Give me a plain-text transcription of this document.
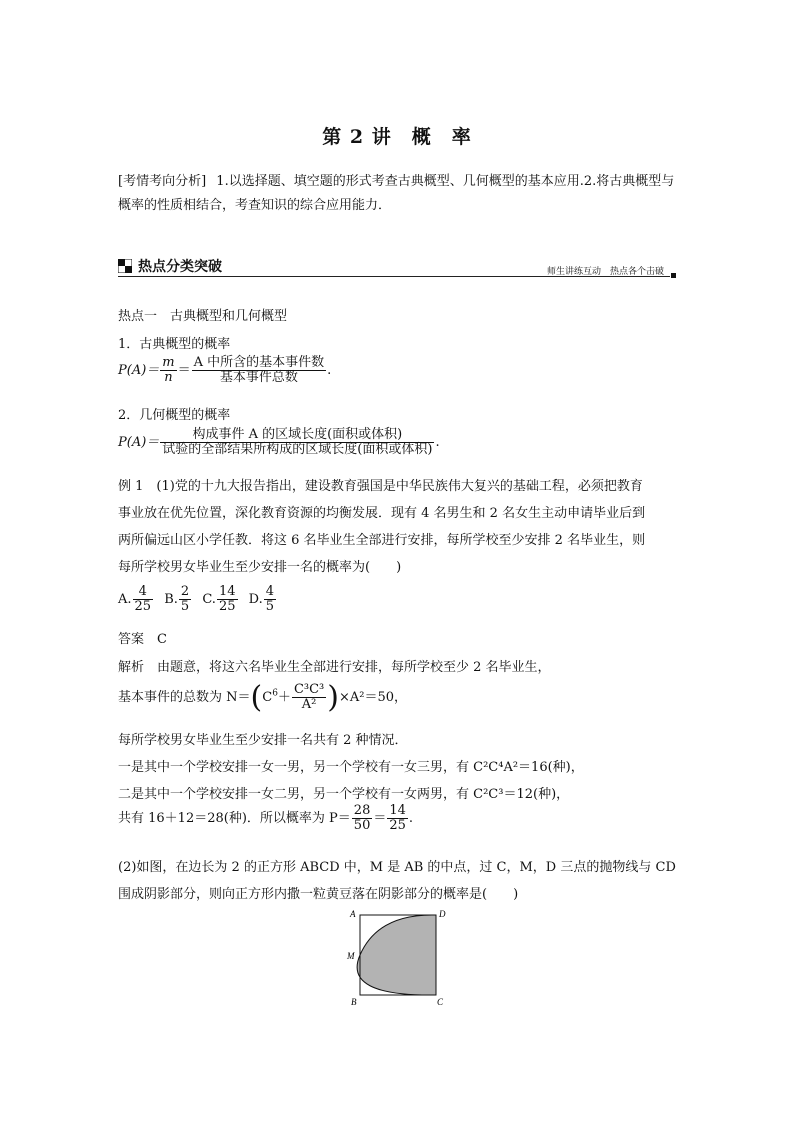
第 2 讲　概　率
[考情考向分析] 1.以选择题、填空题的形式考查古典概型、几何概型的基本应用.2.将古典概型与概率的性质相结合，考查知识的综合应用能力．
热点分类突破	师生讲练互动　热点各个击破
热点一　古典概型和几何概型
1．古典概型的概率
$P(A)= \frac{m}{n} = \frac{\text{A 中所含的基本事件数}}{\text{基本事件总数}}$ .
2．几何概型的概率
$P(A)= \frac{\text{构成事件 A 的区域长度(面积或体积)}}{\text{试验的全部结果所构成的区域长度(面积或体积)}}$ .
例 1　(1)党的十九大报告指出，建设教育强国是中华民族伟大复兴的基础工程，必须把教育
事业放在优先位置，深化教育资源的均衡发展．现有 4 名男生和 2 名女生主动申请毕业后到
两所偏远山区小学任教．将这 6 名毕业生全部进行安排，每所学校至少安排 2 名毕业生，则
每所学校男女毕业生至少安排一名的概率为(　　)
A. $\frac{4}{25} B$. $\frac{2}{5} C$. $\frac{14}{25} D$. $\frac{4}{5}$
答案　C
解析　由题意，将这六名毕业生全部进行安排，每所学校至少 2 名毕业生，
基本事件的总数为 $N=(C^6+ \frac{\text{C³C³}}{\text{A²}} )\times A^2=50$，
每所学校男女毕业生至少安排一名共有 2 种情况．
一是其中一个学校安排一女一男，另一个学校有一女三男，有 C²C⁴A²＝16(种)，
二是其中一个学校安排一女二男，另一个学校有一女两男，有 C²C³＝12(种)，
共有 16＋12＝28(种)．所以概率为 $P= \frac{28}{50} = \frac{14}{25}$ .
(2)如图，在边长为 2 的正方形 ABCD 中，M 是 AB 的中点，过 C，M，D 三点的抛物线与 CD
围成阴影部分，则向正方形内撒一粒黄豆落在阴影部分的概率是(　　)
A	D
M
B	C
